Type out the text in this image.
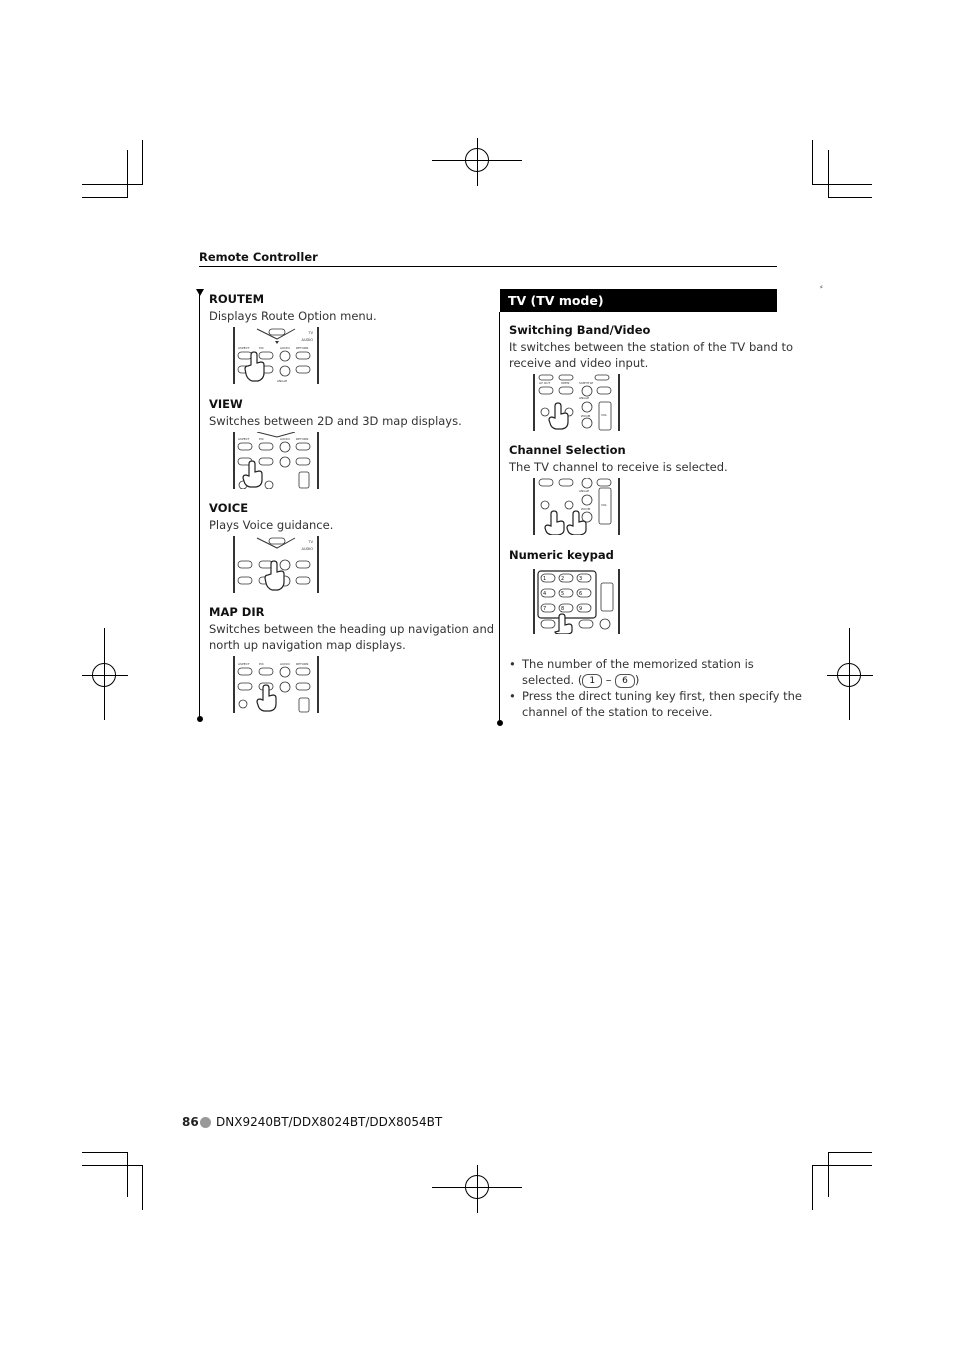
Remote Controller
⸗
ROUTEM
Displays Route Option menu.
TV
AUDIO
ASPECT	PIC	AUDIO RETURN
ANGLE
VIEW
Switches between 2D and 3D map displays.
ASPECT	PIC	AUDIO RETURN
VOICE
Plays Voice guidance.
TV
AUDIO
MAP DIR
Switches between the heading up navigation and
north up navigation map displays.
ASPECT	PIC	AUDIO RETURN
TV (TV mode)
Switching Band/Video
It switches between the station of the TV band to
receive and video input.
AV OUT	OPEN	SUBTITLE
ANGLE
ZOOM	VOL
Channel Selection
The TV channel to receive is selected.
ANGLE
ZOOM
VOL
Numeric keypad
1	2	3
4	5	6
7	8	9
• The number of the memorized station is
selected. ( 1 – 6 )
• Press the direct tuning key first, then specify the
channel of the station to receive.
86 DNX9240BT/DDX8024BT/DDX8054BT
